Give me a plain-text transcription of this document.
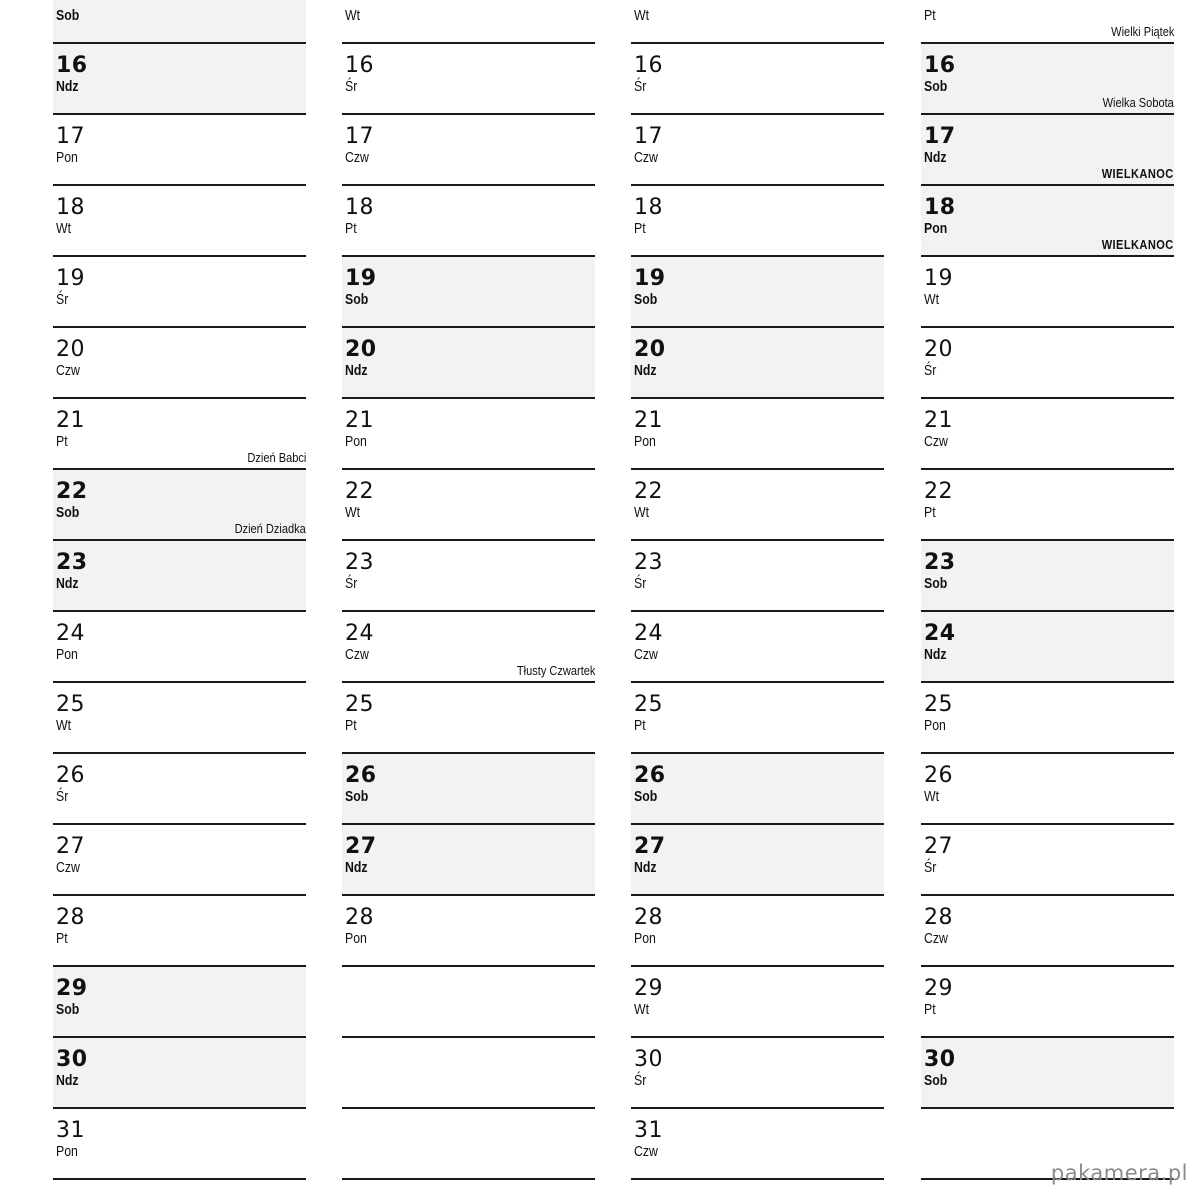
Sob
16
Ndz
17
Pon
18
Wt
19
Śr
20
Czw
21
Pt
Dzień Babci
22
Sob
Dzień Dziadka
23
Ndz
24
Pon
25
Wt
26
Śr
27
Czw
28
Pt
29
Sob
30
Ndz
31
Pon
Wt
16
Śr
17
Czw
18
Pt
19
Sob
20
Ndz
21
Pon
22
Wt
23
Śr
24
Czw
Tłusty Czwartek
25
Pt
26
Sob
27
Ndz
28
Pon
Wt
16
Śr
17
Czw
18
Pt
19
Sob
20
Ndz
21
Pon
22
Wt
23
Śr
24
Czw
25
Pt
26
Sob
27
Ndz
28
Pon
29
Wt
30
Śr
31
Czw
Pt
Wielki Piątek
16
Sob
Wielka Sobota
17
Ndz
WIELKANOC
18
Pon
WIELKANOC
19
Wt
20
Śr
21
Czw
22
Pt
23
Sob
24
Ndz
25
Pon
26
Wt
27
Śr
28
Czw
29
Pt
30
Sob
pakamera.pl
